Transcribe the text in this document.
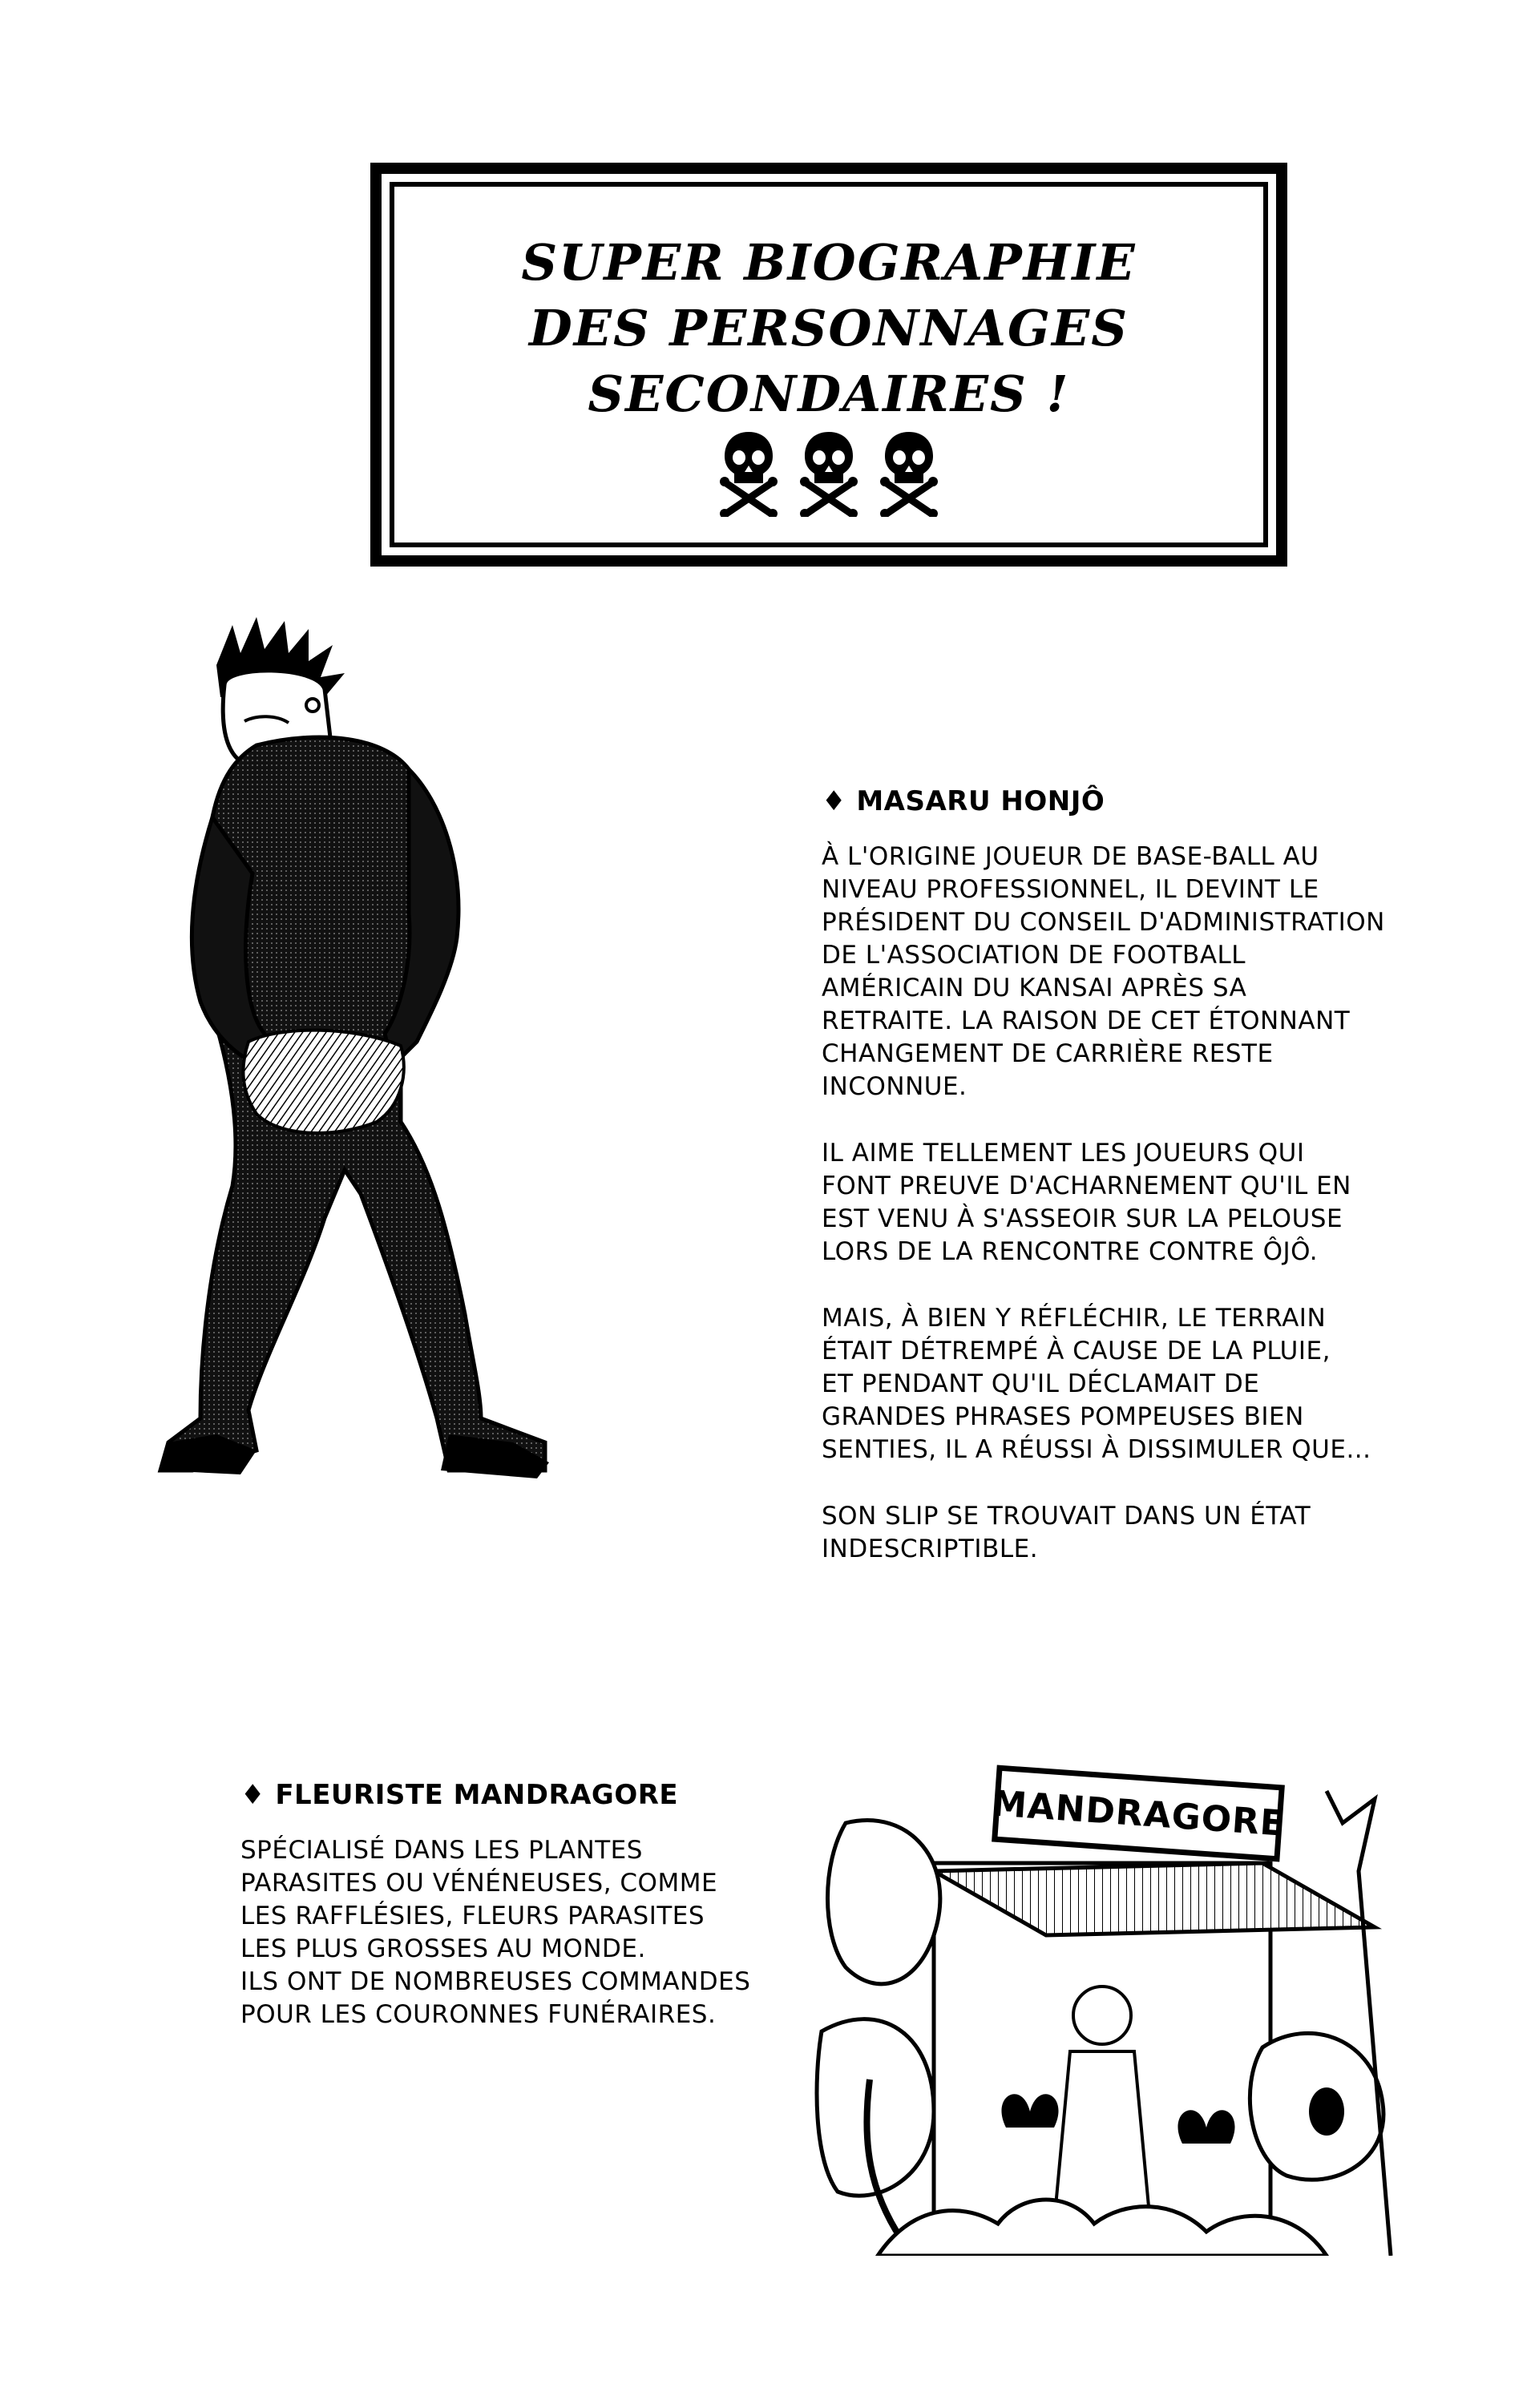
SUPER BIOGRAPHIE
DES PERSONNAGES
SECONDAIRES !
♦ MASARU HONJÔ

À L'ORIGINE JOUEUR DE BASE-BALL AU
NIVEAU PROFESSIONNEL, IL DEVINT LE
PRÉSIDENT DU CONSEIL D'ADMINISTRATION
DE L'ASSOCIATION DE FOOTBALL
AMÉRICAIN DU KANSAI APRÈS SA
RETRAITE. LA RAISON DE CET ÉTONNANT
CHANGEMENT DE CARRIÈRE RESTE
INCONNUE.

IL AIME TELLEMENT LES JOUEURS QUI
FONT PREUVE D'ACHARNEMENT QU'IL EN
EST VENU À S'ASSEOIR SUR LA PELOUSE
LORS DE LA RENCONTRE CONTRE ÔJÔ.

MAIS, À BIEN Y RÉFLÉCHIR, LE TERRAIN
ÉTAIT DÉTREMPÉ À CAUSE DE LA PLUIE,
ET PENDANT QU'IL DÉCLAMAIT DE
GRANDES PHRASES POMPEUSES BIEN
SENTIES, IL A RÉUSSI À DISSIMULER QUE...

SON SLIP SE TROUVAIT DANS UN ÉTAT
INDESCRIPTIBLE.

♦ FLEURISTE MANDRAGORE

SPÉCIALISÉ DANS LES PLANTES
PARASITES OU VÉNÉNEUSES, COMME
LES RAFFLÉSIES, FLEURS PARASITES
LES PLUS GROSSES AU MONDE.
ILS ONT DE NOMBREUSES COMMANDES
POUR LES COURONNES FUNÉRAIRES.

MANDRAGORE
